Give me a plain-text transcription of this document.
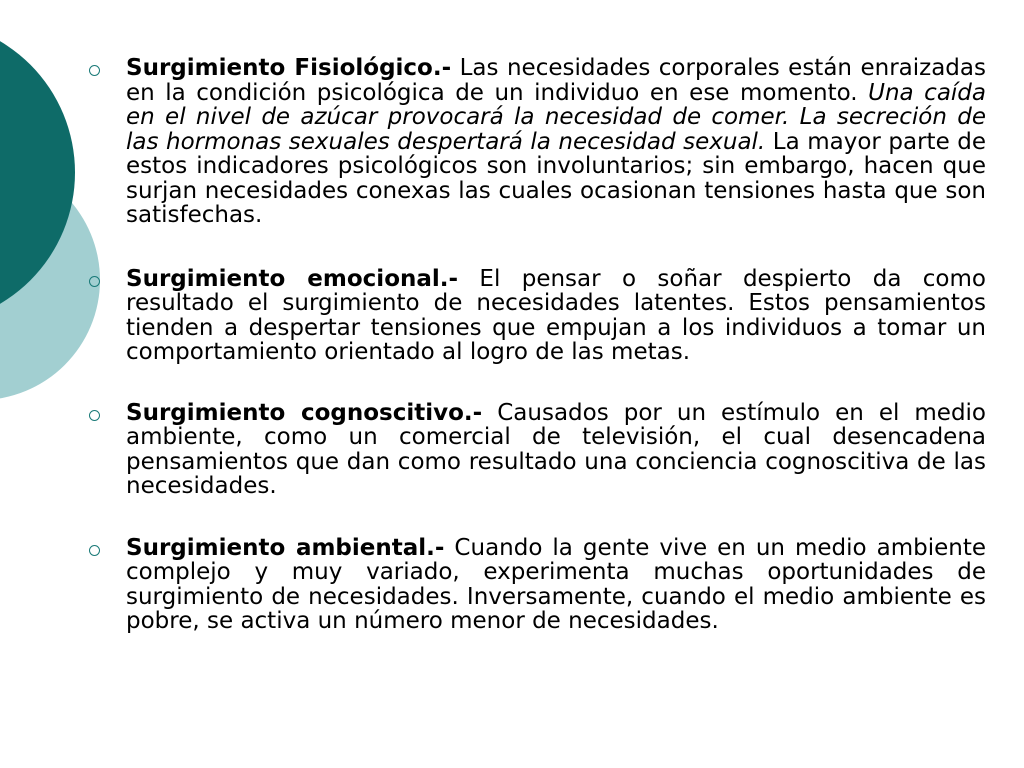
Surgimiento Fisiológico.- Las necesidades corporales están enraizadas en la condición psicológica de un individuo en ese momento. Una caída en el nivel de azúcar provocará la necesidad de comer. La secreción de las hormonas sexuales despertará la necesidad sexual. La mayor parte de estos indicadores psicológicos son involuntarios; sin embargo, hacen que surjan necesidades conexas las cuales ocasionan tensiones hasta que son satisfechas.

Surgimiento emocional.- El pensar o soñar despierto da como resultado el surgimiento de necesidades latentes. Estos pensamientos tienden a despertar tensiones que empujan a los individuos a tomar un comportamiento orientado al logro de las metas.

Surgimiento cognoscitivo.- Causados por un estímulo en el medio ambiente, como un comercial de televisión, el cual desencadena pensamientos que dan como resultado una conciencia cognoscitiva de las necesidades.

Surgimiento ambiental.- Cuando la gente vive en un medio ambiente complejo y muy variado, experimenta muchas oportunidades de surgimiento de necesidades. Inversamente, cuando el medio ambiente es pobre, se activa un número menor de necesidades.
